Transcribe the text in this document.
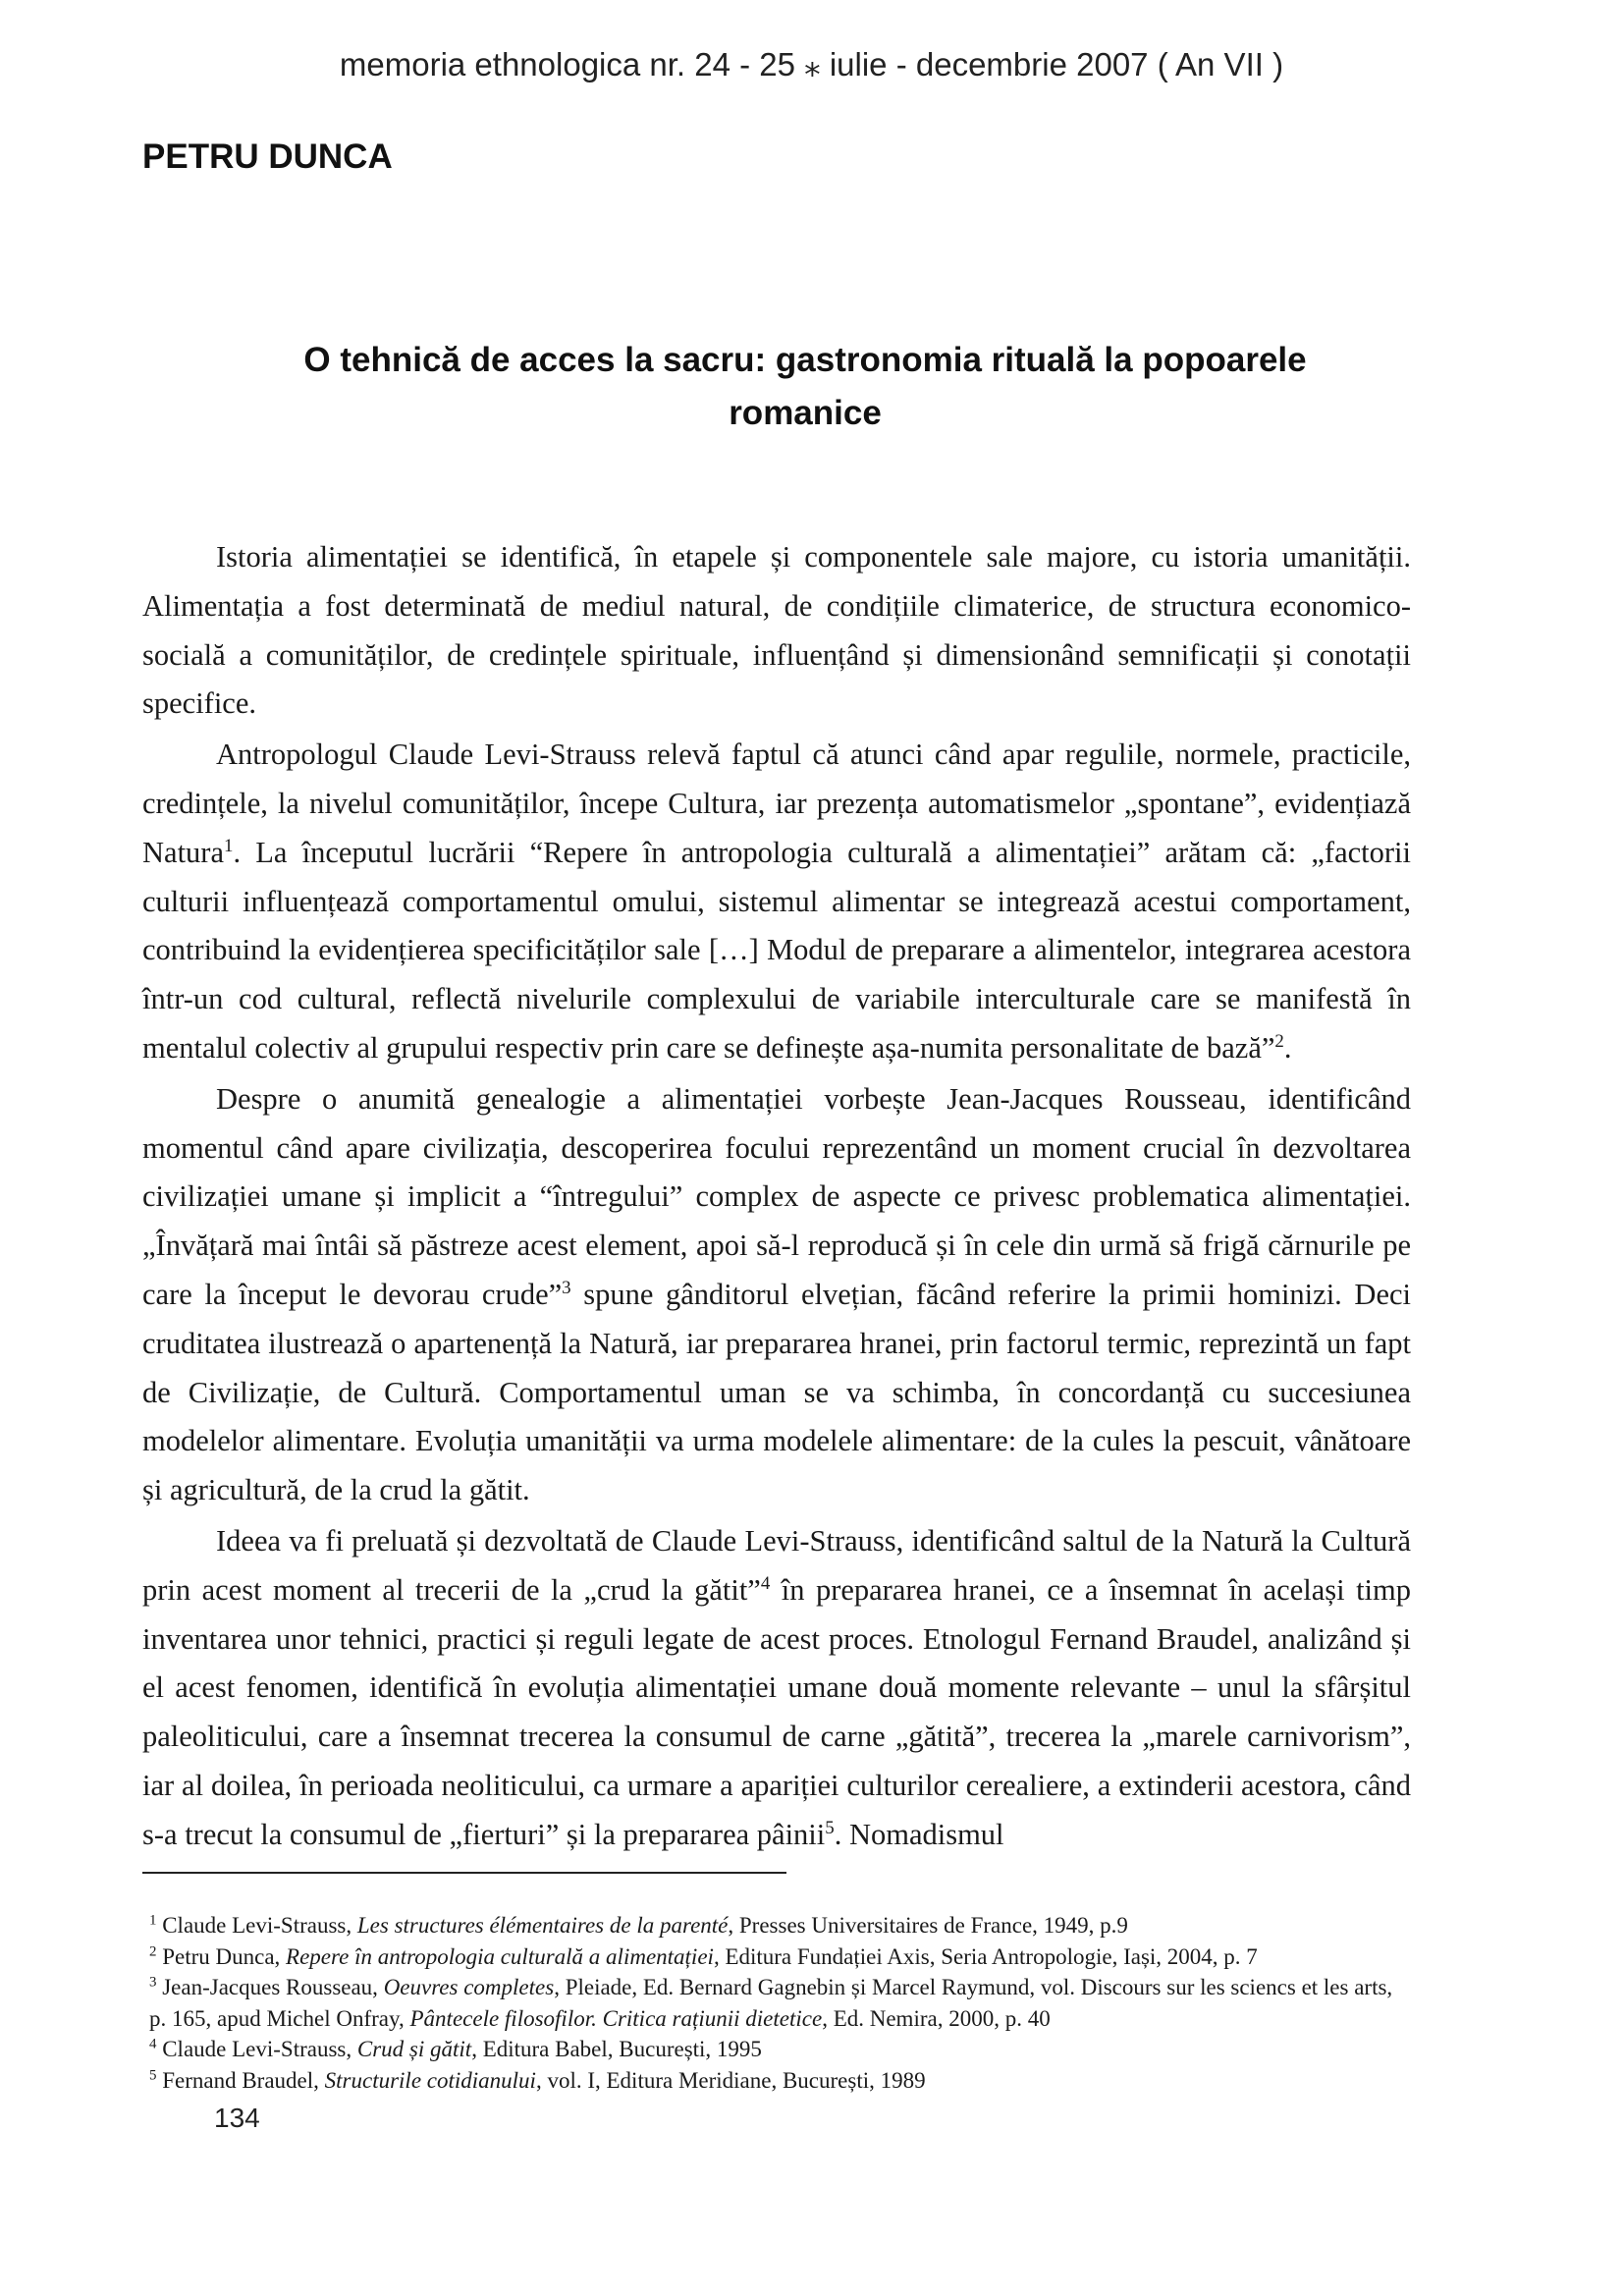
memoria ethnologica nr. 24 - 25 ⁎ iulie - decembrie 2007 ( An VII )
PETRU DUNCA
O tehnică de acces la sacru: gastronomia rituală la popoarele romanice

Istoria alimentației se identifică, în etapele și componentele sale majore, cu istoria umanității. Alimentația a fost determinată de mediul natural, de condițiile climaterice, de structura economico-socială a comunităților, de credințele spirituale, influențând și dimensionând semnificații și conotații specifice.

Antropologul Claude Levi-Strauss relevă faptul că atunci când apar regulile, normele, practicile, credințele, la nivelul comunităților, începe Cultura, iar prezența automatismelor „spontane”, evidențiază Natura$^1$. La începutul lucrării “Repere în antropologia culturală a alimentației” arătam că: „factorii culturii influențează comportamentul omului, sistemul alimentar se integrează acestui comportament, contribuind la evidențierea specificităților sale […] Modul de preparare a alimentelor, integrarea acestora într-un cod cultural, reflectă nivelurile complexului de variabile interculturale care se manifestă în mentalul colectiv al grupului respectiv prin care se definește așa-numita personalitate de bază”$^2$.

Despre o anumită genealogie a alimentației vorbește Jean-Jacques Rousseau, identificând momentul când apare civilizația, descoperirea focului reprezentând un moment crucial în dezvoltarea civilizației umane și implicit a “întregului” complex de aspecte ce privesc problematica alimentației. „Învățară mai întâi să păstreze acest element, apoi să-l reproducă și în cele din urmă să frigă cărnurile pe care la început le devorau crude”$^3$ spune gânditorul elvețian, făcând referire la primii hominizi. Deci cruditatea ilustrează o apartenență la Natură, iar prepararea hranei, prin factorul termic, reprezintă un fapt de Civilizație, de Cultură. Comportamentul uman se va schimba, în concordanță cu succesiunea modelelor alimentare. Evoluția umanității va urma modelele alimentare: de la cules la pescuit, vânătoare și agricultură, de la crud la gătit.

Ideea va fi preluată și dezvoltată de Claude Levi-Strauss, identificând saltul de la Natură la Cultură prin acest moment al trecerii de la „crud la gătit”$^4$ în prepararea hranei, ce a însemnat în același timp inventarea unor tehnici, practici și reguli legate de acest proces. Etnologul Fernand Braudel, analizând și el acest fenomen, identifică în evoluția alimentației umane două momente relevante – unul la sfârșitul paleoliticului, care a însemnat trecerea la consumul de carne „gătită”, trecerea la „marele carnivorism”, iar al doilea, în perioada neoliticului, ca urmare a apariției culturilor cerealiere, a extinderii acestora, când s-a trecut la consumul de „fierturi” și la prepararea pâinii$^5$. Nomadismul

$^1$ Claude Levi-Strauss, Les structures élémentaires de la parenté, Presses Universitaires de France, 1949, p.9

$^2$ Petru Dunca, Repere în antropologia culturală a alimentației, Editura Fundației Axis, Seria Antropologie, Iași, 2004, p. 7

$^3$ Jean-Jacques Rousseau, Oeuvres completes, Pleiade, Ed. Bernard Gagnebin și Marcel Raymund, vol. Discours sur les sciencs et les arts, p. 165, apud Michel Onfray, Pântecele filosofilor. Critica rațiunii dietetice, Ed. Nemira, 2000, p. 40

$^4$ Claude Levi-Strauss, Crud și gătit, Editura Babel, București, 1995

$^5$ Fernand Braudel, Structurile cotidianului, vol. I, Editura Meridiane, București, 1989

134
